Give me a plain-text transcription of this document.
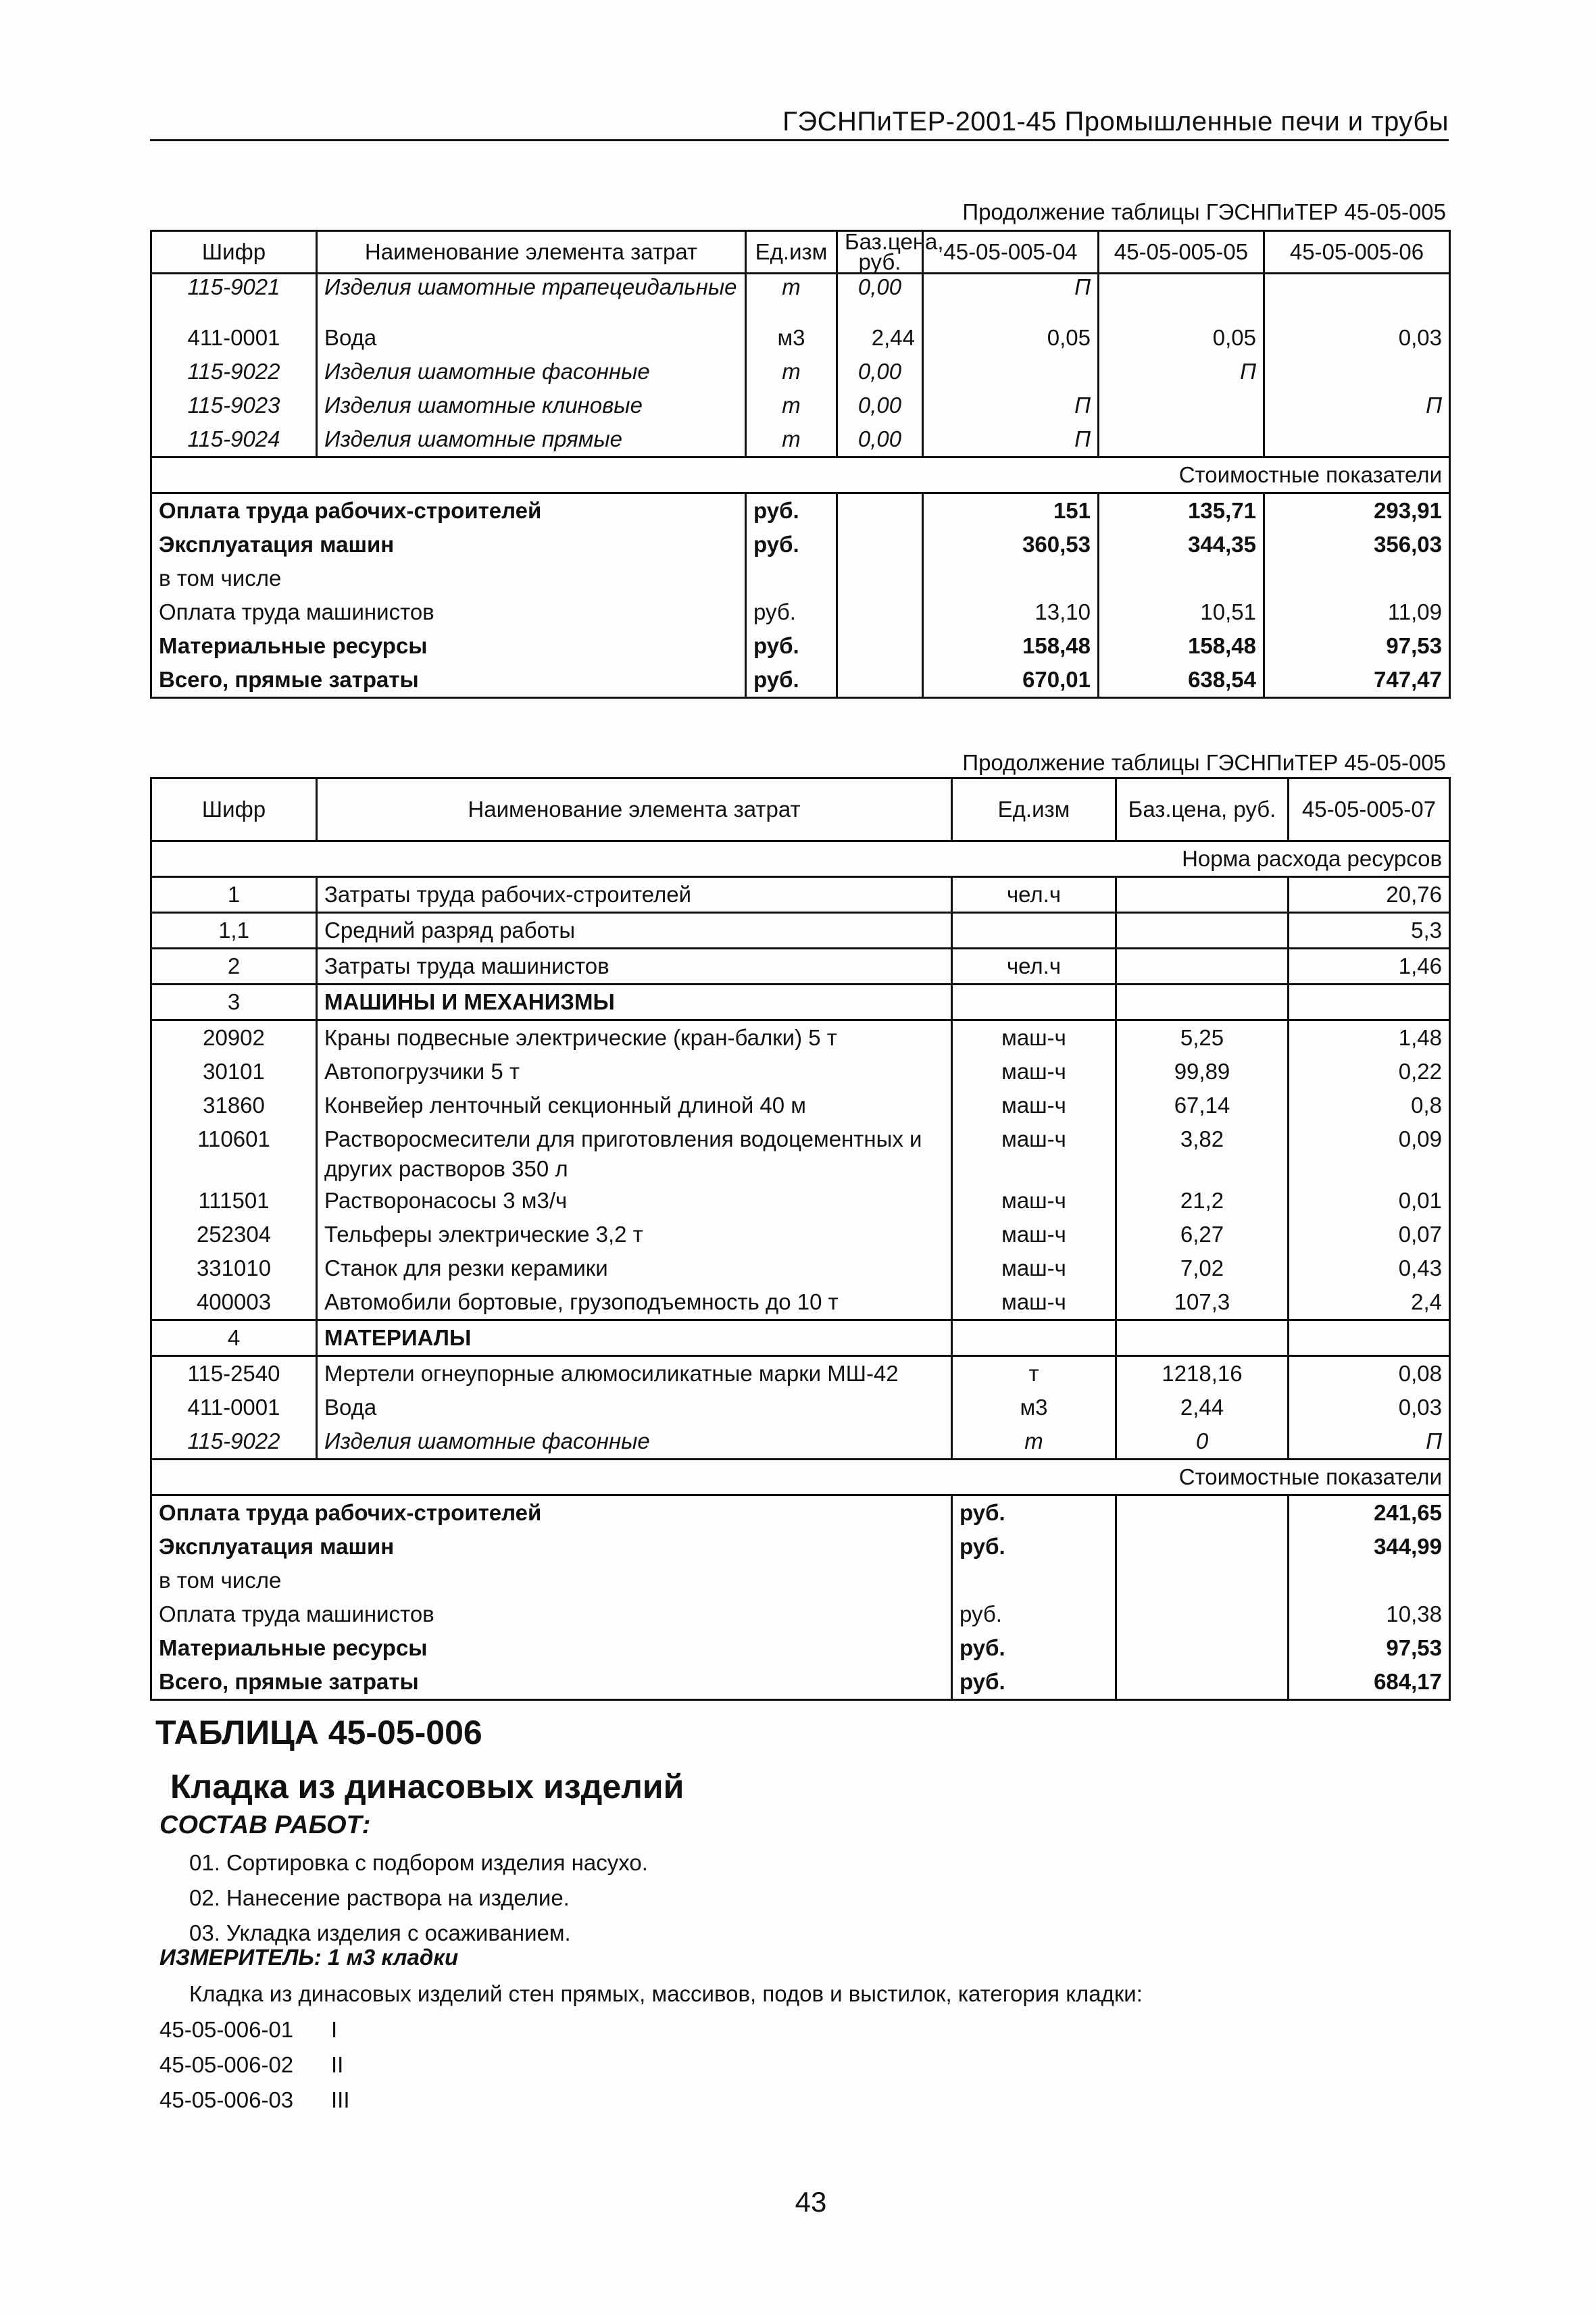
ГЭСНПиТЕР-2001-45 Промышленные печи и трубы
Продолжение таблицы ГЭСНПиТЕР 45-05-005
Шифр	Наименование элемента затрат	Ед.изм	Баз.цена, руб.	45-05-005-04	45-05-005-05	45-05-005-06
115-9021	Изделия шамотные трапецеидальные	т	0,00	П		
411-0001	Вода	м3	2,44	0,05	0,05	0,03
115-9022	Изделия шамотные фасонные	т	0,00		П	
115-9023	Изделия шамотные клиновые	т	0,00	П		П
115-9024	Изделия шамотные прямые	т	0,00	П		
Стоимостные показатели						
Оплата труда рабочих-строителей		руб.		151	135,71	293,91
Эксплуатация машин		руб.		360,53	344,35	356,03
в том числе						
Оплата труда машинистов		руб.		13,10	10,51	11,09
Материальные ресурсы		руб.		158,48	158,48	97,53
Всего, прямые затраты		руб.		670,01	638,54	747,47
Продолжение таблицы ГЭСНПиТЕР 45-05-005
Шифр	Наименование элемента затрат	Ед.изм	Баз.цена, руб.	45-05-005-07
Норма расхода ресурсов				
1	Затраты труда рабочих-строителей	чел.ч		20,76
1,1	Средний разряд работы			5,3
2	Затраты труда машинистов	чел.ч		1,46
3	МАШИНЫ И МЕХАНИЗМЫ			
20902	Краны подвесные электрические (кран-балки) 5 т	маш-ч	5,25	1,48
30101	Автопогрузчики 5 т	маш-ч	99,89	0,22
31860	Конвейер ленточный секционный длиной 40 м	маш-ч	67,14	0,8
110601	Растворосмесители для приготовления водоцементных и других растворов 350 л	маш-ч	3,82	0,09
111501	Растворонасосы 3 м3/ч	маш-ч	21,2	0,01
252304	Тельферы электрические 3,2 т	маш-ч	6,27	0,07
331010	Станок для резки керамики	маш-ч	7,02	0,43
400003	Автомобили бортовые, грузоподъемность до 10 т	маш-ч	107,3	2,4
4	МАТЕРИАЛЫ			
115-2540	Мертели огнеупорные алюмосиликатные марки МШ-42	т	1218,16	0,08
411-0001	Вода	м3	2,44	0,03
115-9022	Изделия шамотные фасонные	т	0	П
Стоимостные показатели				
Оплата труда рабочих-строителей		руб.		241,65
Эксплуатация машин		руб.		344,99
в том числе				
Оплата труда машинистов		руб.		10,38
Материальные ресурсы		руб.		97,53
Всего, прямые затраты		руб.		684,17
ТАБЛИЦА 45-05-006
Кладка из динасовых изделий
СОСТАВ РАБОТ:
01. Сортировка с подбором изделия насухо.
02. Нанесение раствора на изделие.
03. Укладка изделия с осаживанием.
ИЗМЕРИТЕЛЬ: 1 м3 кладки
Кладка из динасовых изделий стен прямых, массивов, подов и выстилок, категория кладки:
45-05-006-01 I
45-05-006-02 II
45-05-006-03 III
43
